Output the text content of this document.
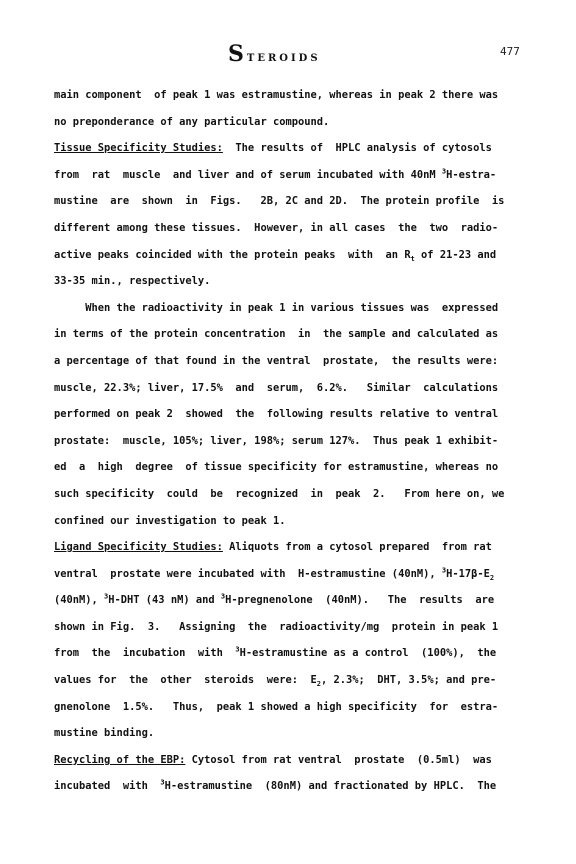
STEROIDS
477
main component  of peak 1 was estramustine, whereas in peak 2 there was
no preponderance of any particular compound.
Tissue Specificity Studies:  The results of  HPLC analysis of cytosols
from  rat  muscle  and liver and of serum incubated with 40nM $^3$H-estra-
mustine  are  shown  in  Figs.   2B, 2C and 2D.  The protein profile  is
different among these tissues.  However, in all cases  the  two  radio-
active peaks coincided with the protein peaks  with  an $R_t$ of 21-23 and
33-35 min., respectively.
When the radioactivity in peak 1 in various tissues was  expressed
in terms of the protein concentration  in  the sample and calculated as
a percentage of that found in the ventral  prostate,  the results were:
muscle, 22.3%; liver, 17.5%  and  serum,  6.2%.   Similar  calculations
performed on peak 2  showed  the  following results relative to ventral
prostate:  muscle, 105%; liver, 198%; serum 127%.  Thus peak 1 exhibit-
ed  a  high  degree  of tissue specificity for estramustine, whereas no
such specificity  could  be  recognized  in  peak  2.   From here on, we
confined our investigation to peak 1.
Ligand Specificity Studies: Aliquots from a cytosol prepared  from rat
ventral  prostate were incubated with  H-estramustine (40nM), $^3H-17\beta-E_2$
(40nM), $^3$H-DHT (43 nM) and $^3$H-pregnenolone  (40nM).   The  results  are
shown in Fig.  3.   Assigning  the  radioactivity/mg  protein in peak 1
from  the  incubation  with  $^3$H-estramustine as a control  (100%),  the
values for  the  other  steroids  were:  $E_2$, 2.3%;  DHT, 3.5%; and pre-
gnenolone  1.5%.   Thus,  peak 1 showed a high specificity  for  estra-
mustine binding.
Recycling of the EBP: Cytosol from rat ventral  prostate  (0.5ml)  was
incubated  with  $^3$H-estramustine  (80nM) and fractionated by HPLC.  The
